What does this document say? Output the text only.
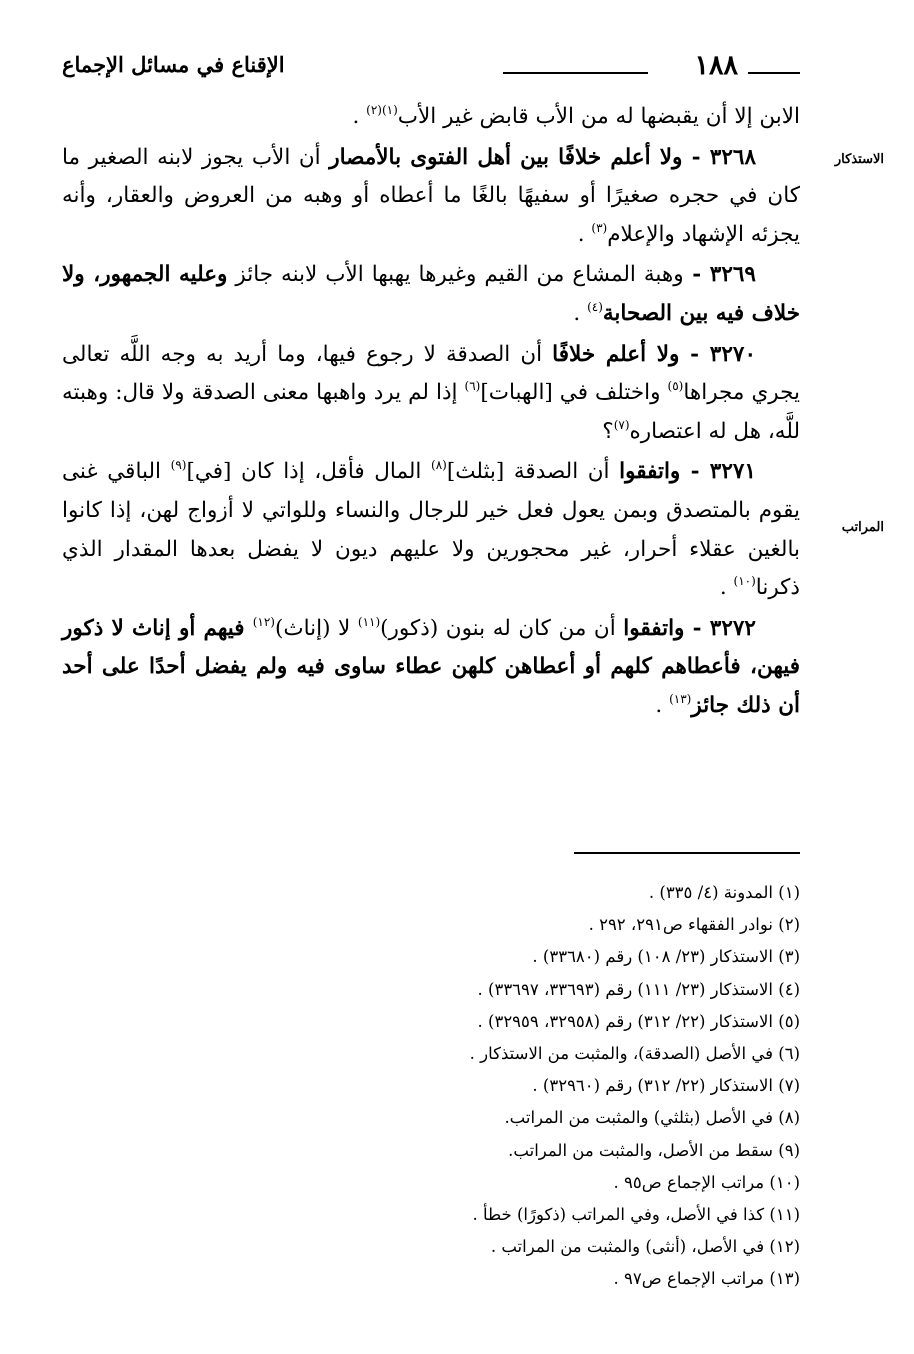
١٨٨
الإقناع في مسائل الإجماع
الاستذكار
المراتب

الابن إلا أن يقبضها له من الأب قابض غير الأب$^{(١)(٢)}$ .

٣٢٦٨ - ولا أعلم خلافًا بين أهل الفتوى بالأمصار أن الأب يجوز لابنه الصغير ما كان في حجره صغيرًا أو سفيهًا بالغًا ما أعطاه أو وهبه من العروض والعقار، وأنه يجزئه الإشهاد والإعلام$^{(٣)}$ .

٣٢٦٩ - وهبة المشاع من القيم وغيرها يهبها الأب لابنه جائز وعليه الجمهور، ولا خلاف فيه بين الصحابة$^{(٤)}$ .

٣٢٧٠ - ولا أعلم خلافًا أن الصدقة لا رجوع فيها، وما أريد به وجه اللَّه تعالى يجري مجراها$^{(٥)}$ واختلف في [الهبات]$^{(٦)}$ إذا لم يرد واهبها معنى الصدقة ولا قال: وهبته للَّه، هل له اعتصاره$^{(٧)}$؟

٣٢٧١ - واتفقوا أن الصدقة [بثلث]$^{(٨)}$ المال فأقل، إذا كان [في]$^{(٩)}$ الباقي غنى يقوم بالمتصدق وبمن يعول فعل خير للرجال والنساء وللواتي لا أزواج لهن، إذا كانوا بالغين عقلاء أحرار، غير محجورين ولا عليهم ديون لا يفضل بعدها المقدار الذي ذكرنا$^{(١٠)}$ .

٣٢٧٢ - واتفقوا أن من كان له بنون (ذكور)$^{(١١)}$ لا (إناث)$^{(١٢)}$ فيهم أو إناث لا ذكور فيهن، فأعطاهم كلهم أو أعطاهن كلهن عطاء ساوى فيه ولم يفضل أحدًا على أحد أن ذلك جائز$^{(١٣)}$ .

(١) المدونة (٤/ ٣٣٥) .
(٢) نوادر الفقهاء ص٢٩١، ٢٩٢ .
(٣) الاستذكار (٢٣/ ١٠٨) رقم (٣٣٦٨٠) .
(٤) الاستذكار (٢٣/ ١١١) رقم (٣٣٦٩٣، ٣٣٦٩٧) .
(٥) الاستذكار (٢٢/ ٣١٢) رقم (٣٢٩٥٨، ٣٢٩٥٩) .
(٦) في الأصل (الصدقة)، والمثبت من الاستذكار .
(٧) الاستذكار (٢٢/ ٣١٢) رقم (٣٢٩٦٠) .
(٨) في الأصل (بثلثي) والمثبت من المراتب.
(٩) سقط من الأصل، والمثبت من المراتب.
(١٠) مراتب الإجماع ص٩٥ .
(١١) كذا في الأصل، وفي المراتب (ذكورًا) خطأ .
(١٢) في الأصل، (أنثى) والمثبت من المراتب .
(١٣) مراتب الإجماع ص٩٧ .
